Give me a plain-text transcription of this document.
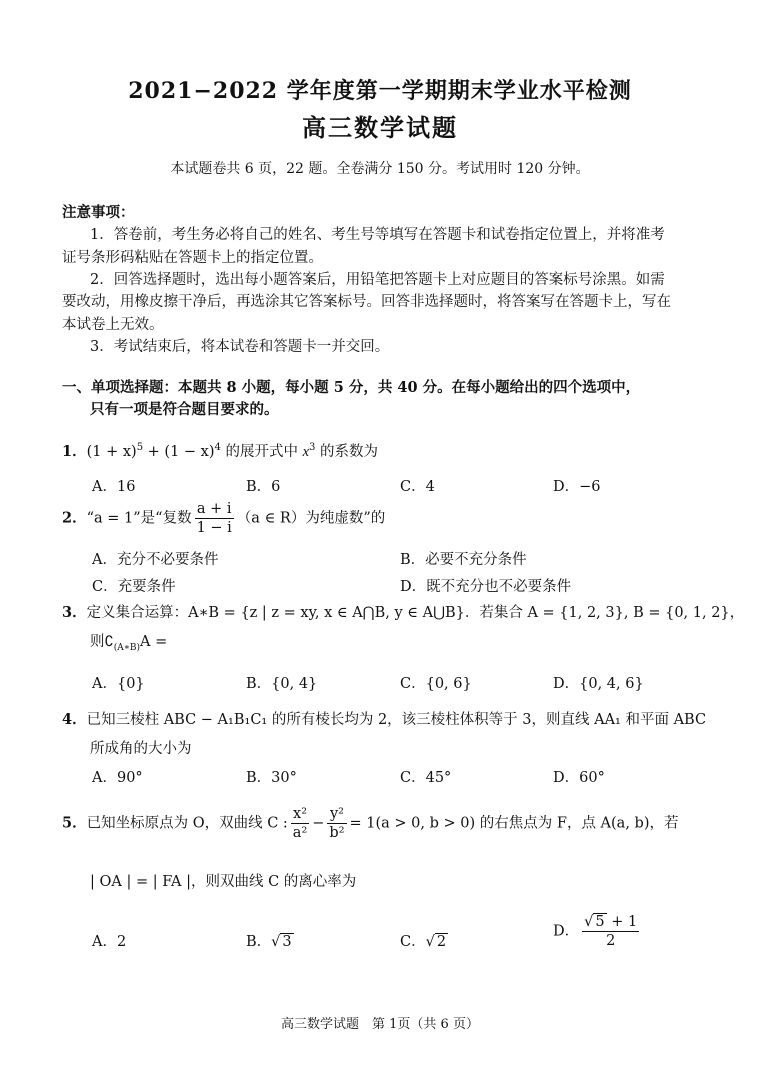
2021−2022 学年度第一学期期末学业水平检测
高三数学试题
本试题卷共 6 页，22 题。全卷满分 150 分。考试用时 120 分钟。
注意事项：
1．答卷前，考生务必将自己的姓名、考生号等填写在答题卡和试卷指定位置上，并将准考
证号条形码粘贴在答题卡上的指定位置。
2．回答选择题时，选出每小题答案后，用铅笔把答题卡上对应题目的答案标号涂黑。如需
要改动，用橡皮擦干净后，再选涂其它答案标号。回答非选择题时，将答案写在答题卡上，写在
本试卷上无效。
3．考试结束后，将本试卷和答题卡一并交回。
一、单项选择题：本题共 8 小题，每小题 5 分，共 40 分。在每小题给出的四个选项中，
只有一项是符合题目要求的。
1．$(1 + x)^5 + (1 - x)^4$ 的展开式中 $x^3$ 的系数为
A．16	B．6	C．4	D．−6
2．“a = 1”是“复数 $\frac{a + i}{1 - i} (a$ ∈ R）为纯虚数”的
A．充分不必要条件	B．必要不充分条件
C．充要条件	D．既不充分也不必要条件
3．定义集合运算：A∗B = {z | z = xy, x ∈ A⋂B, y ∈ A⋃B}．若集合 A = {1, 2, 3}, B = {0, 1, 2}，
则$∁_{(A∗B)}A$ =
A．{0}	B．{0, 4}	C．{0, 6}	D．{0, 4, 6}
4．已知三棱柱 ABC − A₁B₁C₁ 的所有棱长均为 2，该三棱柱体积等于 3，则直线 AA₁ 和平面 ABC
所成角的大小为
A．90°	B．30°	C．45°	D．60°
5．已知坐标原点为 O，双曲线 C : $\frac{\text{x²}}{\text{a²}} - \frac{\text{y²}}{\text{b²}} = 1(a > 0$, b > 0) 的右焦点为 F，点 A(a, b)，若
| OA | = | FA |，则双曲线 C 的离心率为
A．2	B．√ 3	C．√ 2
D． $\frac{√ 5 + 1}{2}$
高三数学试题　第 1页（共 6 页）
